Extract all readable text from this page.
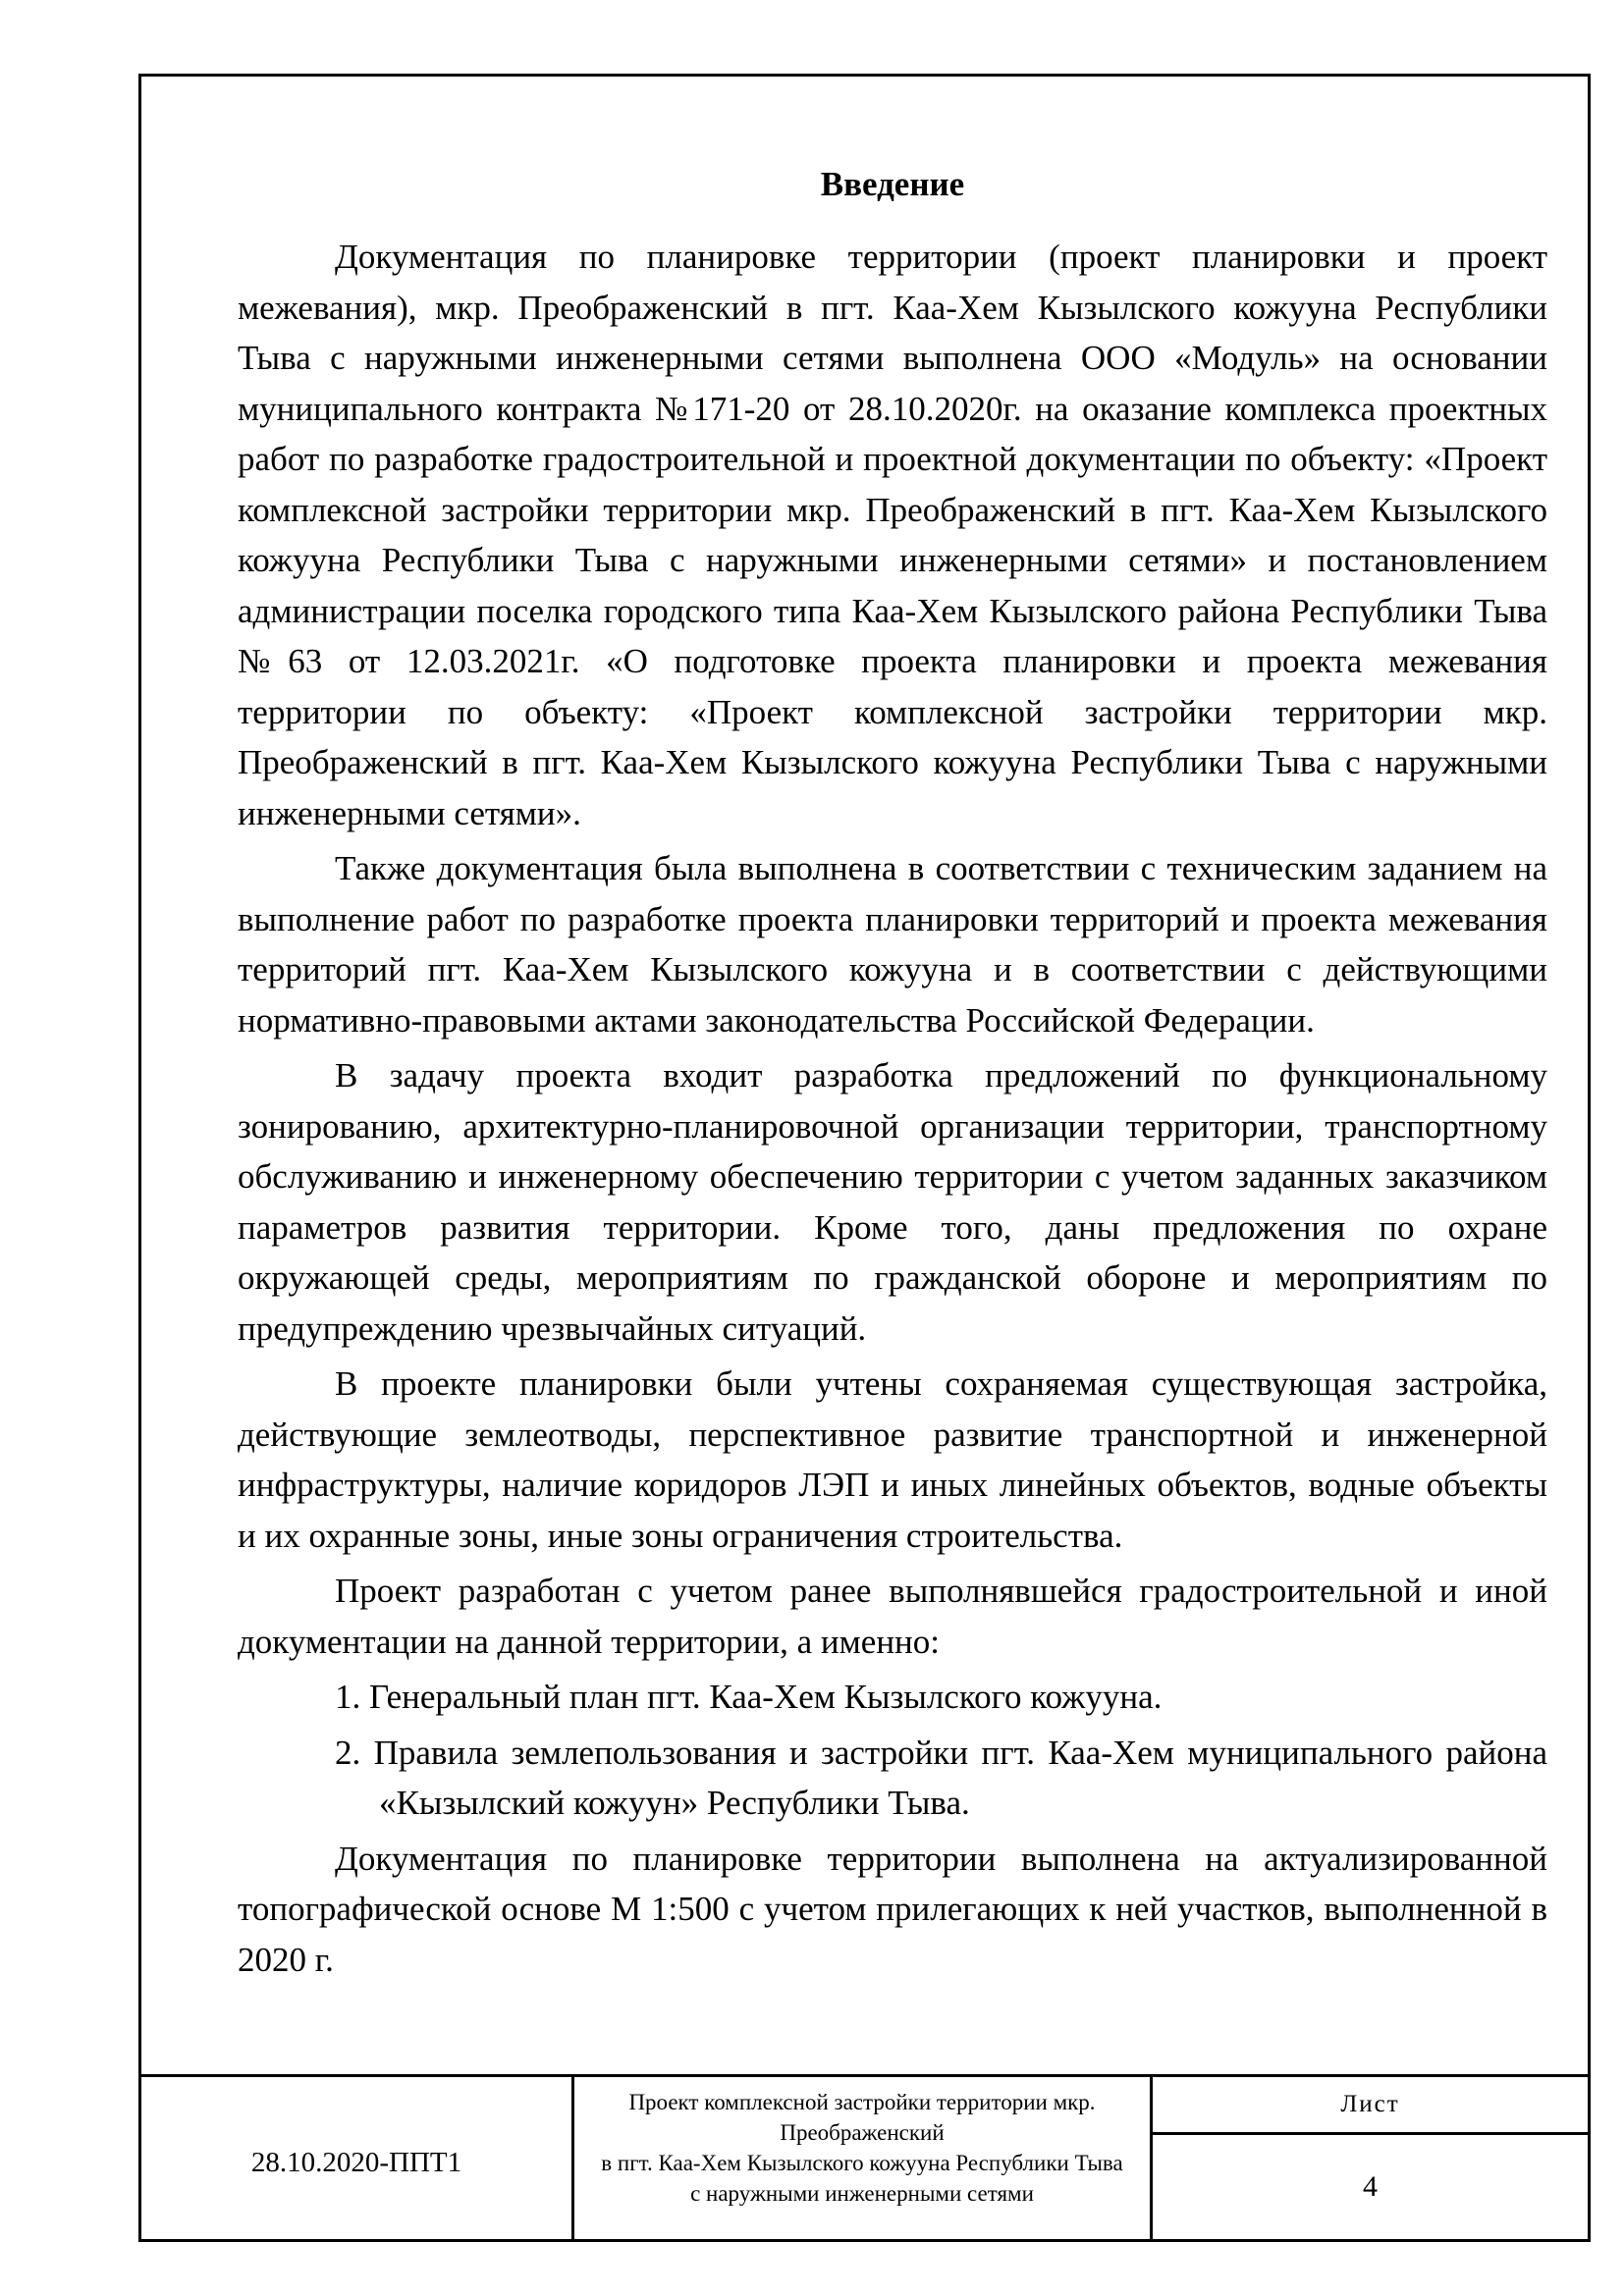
Введение

Документация по планировке территории (проект планировки и проект межевания), мкр. Преображенский в пгт. Каа-Хем Кызылского кожууна Республики Тыва с наружными инженерными сетями выполнена ООО «Модуль» на основании муниципального контракта №171-20 от 28.10.2020г. на оказание комплекса проектных работ по разработке градостроительной и проектной документации по объекту: «Проект комплексной застройки территории мкр. Преображенский в пгт. Каа-Хем Кызылского кожууна Республики Тыва с наружными инженерными сетями» и постановлением администрации поселка городского типа Каа-Хем Кызылского района Республики Тыва №63 от 12.03.2021г. «О подготовке проекта планировки и проекта межевания территории по объекту: «Проект комплексной застройки территории мкр. Преображенский в пгт. Каа-Хем Кызылского кожууна Республики Тыва с наружными инженерными сетями».

Также документация была выполнена в соответствии с техническим заданием на выполнение работ по разработке проекта планировки территорий и проекта межевания территорий пгт. Каа-Хем Кызылского кожууна и в соответствии с действующими нормативно-правовыми актами законодательства Российской Федерации.

В задачу проекта входит разработка предложений по функциональному зонированию, архитектурно-планировочной организации территории, транспортному обслуживанию и инженерному обеспечению территории с учетом заданных заказчиком параметров развития территории. Кроме того, даны предложения по охране окружающей среды, мероприятиям по гражданской обороне и мероприятиям по предупреждению чрезвычайных ситуаций.

В проекте планировки были учтены сохраняемая существующая застройка, действующие землеотводы, перспективное развитие транспортной и инженерной инфраструктуры, наличие коридоров ЛЭП и иных линейных объектов, водные объекты и их охранные зоны, иные зоны ограничения строительства.

Проект разработан с учетом ранее выполнявшейся градостроительной и иной документации на данной территории, а именно:

1. Генеральный план пгт. Каа-Хем Кызылского кожууна.

2. Правила землепользования и застройки пгт. Каа-Хем муниципального района «Кызылский кожуун» Республики Тыва.

Документация по планировке территории выполнена на актуализированной топографической основе М 1:500 с учетом прилегающих к ней участков, выполненной в 2020 г.

28.10.2020-ППТ1
Проект комплексной застройки территории мкр. Преображенский
в пгт. Каа-Хем Кызылского кожууна Республики Тыва
с наружными инженерными сетями
Лист
4
